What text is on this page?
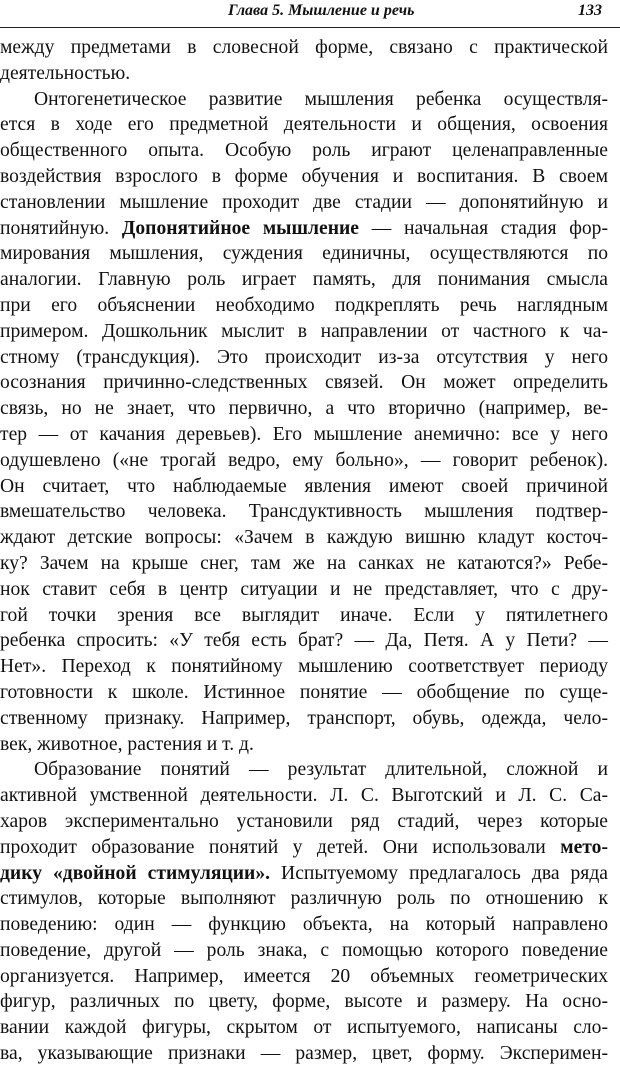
Глава 5. Мышление и речь	133
между предметами в словесной форме, связано с практической
деятельностью.
Онтогенетическое развитие мышления ребенка осуществля-
ется в ходе его предметной деятельности и общения, освоения
общественного опыта. Особую роль играют целенаправленные
воздействия взрослого в форме обучения и воспитания. В своем
становлении мышление проходит две стадии — допонятийную и
понятийную. Допонятийное мышление — начальная стадия фор-
мирования мышления, суждения единичны, осуществляются по
аналогии. Главную роль играет память, для понимания смысла
при его объяснении необходимо подкреплять речь наглядным
примером. Дошкольник мыслит в направлении от частного к ча-
стному (трансдукция). Это происходит из-за отсутствия у него
осознания причинно-следственных связей. Он может определить
связь, но не знает, что первично, а что вторично (например, ве-
тер — от качания деревьев). Его мышление анемично: все у него
одушевлено («не трогай ведро, ему больно», — говорит ребенок).
Он считает, что наблюдаемые явления имеют своей причиной
вмешательство человека. Трансдуктивность мышления подтвер-
ждают детские вопросы: «Зачем в каждую вишню кладут косточ-
ку? Зачем на крыше снег, там же на санках не катаются?» Ребе-
нок ставит себя в центр ситуации и не представляет, что с дру-
гой точки зрения все выглядит иначе. Если у пятилетнего
ребенка спросить: «У тебя есть брат? — Да, Петя. А у Пети? —
Нет». Переход к понятийному мышлению соответствует периоду
готовности к школе. Истинное понятие — обобщение по суще-
ственному признаку. Например, транспорт, обувь, одежда, чело-
век, животное, растения и т. д.
Образование понятий — результат длительной, сложной и
активной умственной деятельности. Л. С. Выготский и Л. С. Са-
харов экспериментально установили ряд стадий, через которые
проходит образование понятий у детей. Они использовали мето-
дику «двойной стимуляции». Испытуемому предлагалось два ряда
стимулов, которые выполняют различную роль по отношению к
поведению: один — функцию объекта, на который направлено
поведение, другой — роль знака, с помощью которого поведение
организуется. Например, имеется 20 объемных геометрических
фигур, различных по цвету, форме, высоте и размеру. На осно-
вании каждой фигуры, скрытом от испытуемого, написаны сло-
ва, указывающие признаки — размер, цвет, форму. Эксперимен-
